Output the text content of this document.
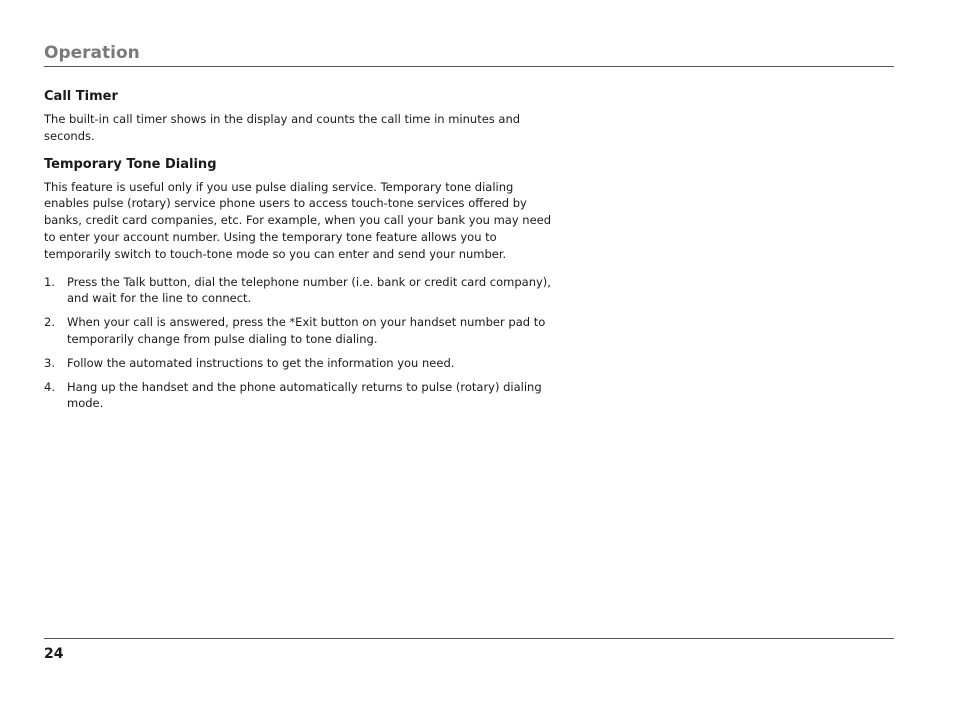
Operation
Call Timer

The built-in call timer shows in the display and counts the call time in minutes and seconds.

Temporary Tone Dialing

This feature is useful only if you use pulse dialing service. Temporary tone dialing enables pulse (rotary) service phone users to access touch-tone services offered by banks, credit card companies, etc. For example, when you call your bank you may need to enter your account number. Using the temporary tone feature allows you to temporarily switch to touch-tone mode so you can enter and send your number.

1.	Press the Talk button, dial the telephone number (i.e. bank or credit card company), and wait for the line to connect.
2.	When your call is answered, press the *Exit button on your handset number pad to temporarily change from pulse dialing to tone dialing.
3.	Follow the automated instructions to get the information you need.
4.	Hang up the handset and the phone automatically returns to pulse (rotary) dialing mode.
24
